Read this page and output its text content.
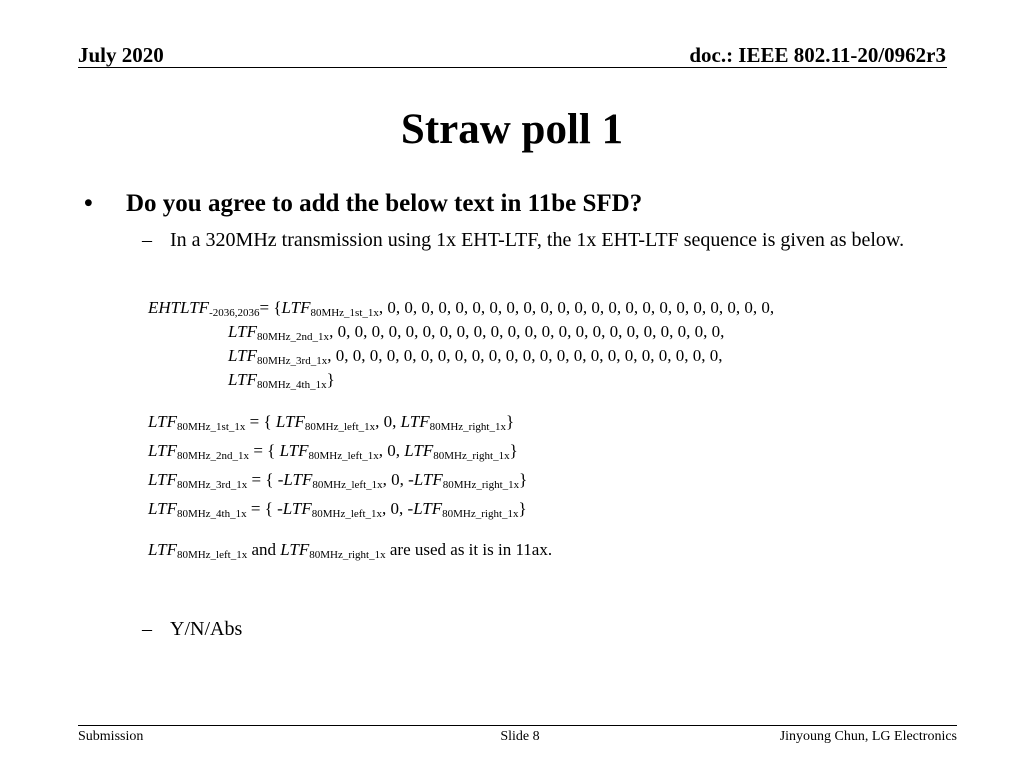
July 2020	doc.: IEEE 802.11-20/0962r3
Straw poll 1
• Do you agree to add the below text in 11be SFD?
– In a 320MHz transmission using 1x EHT-LTF, the 1x EHT-LTF sequence is given as below.
$EHTLTF_{-2036,2036}= \{LTF_{80MHz\_1st\_1x}$, 0, 0, 0, 0, 0, 0, 0, 0, 0, 0, 0, 0, 0, 0, 0, 0, 0, 0, 0, 0, 0, 0, 0,
$LTF_{80MHz\_2nd\_1x}$, 0, 0, 0, 0, 0, 0, 0, 0, 0, 0, 0, 0, 0, 0, 0, 0, 0, 0, 0, 0, 0, 0, 0,
$LTF_{80MHz\_3rd\_1x}$, 0, 0, 0, 0, 0, 0, 0, 0, 0, 0, 0, 0, 0, 0, 0, 0, 0, 0, 0, 0, 0, 0, 0,
$LTF_{80MHz\_4th\_1x}$}
$LTF_{80MHz\_1st\_1x}$ = { $LTF_{80MHz\_left\_1x}$, 0, $LTF_{80MHz\_right\_1x}$}
$LTF_{80MHz\_2nd\_1x}$ = { $LTF_{80MHz\_left\_1x}$, 0, $LTF_{80MHz\_right\_1x}$}
$LTF_{80MHz\_3rd\_1x}$ = { $-LTF_{80MHz\_left\_1x}$, 0, $-LTF_{80MHz\_right\_1x}$}
$LTF_{80MHz\_4th\_1x}$ = { $-LTF_{80MHz\_left\_1x}$, 0, $-LTF_{80MHz\_right\_1x}$}
$LTF_{80MHz\_left\_1x}$ and $LTF_{80MHz\_right\_1x}$ are used as it is in 11ax.
– Y/N/Abs
Submission	Slide 8	Jinyoung Chun, LG Electronics
